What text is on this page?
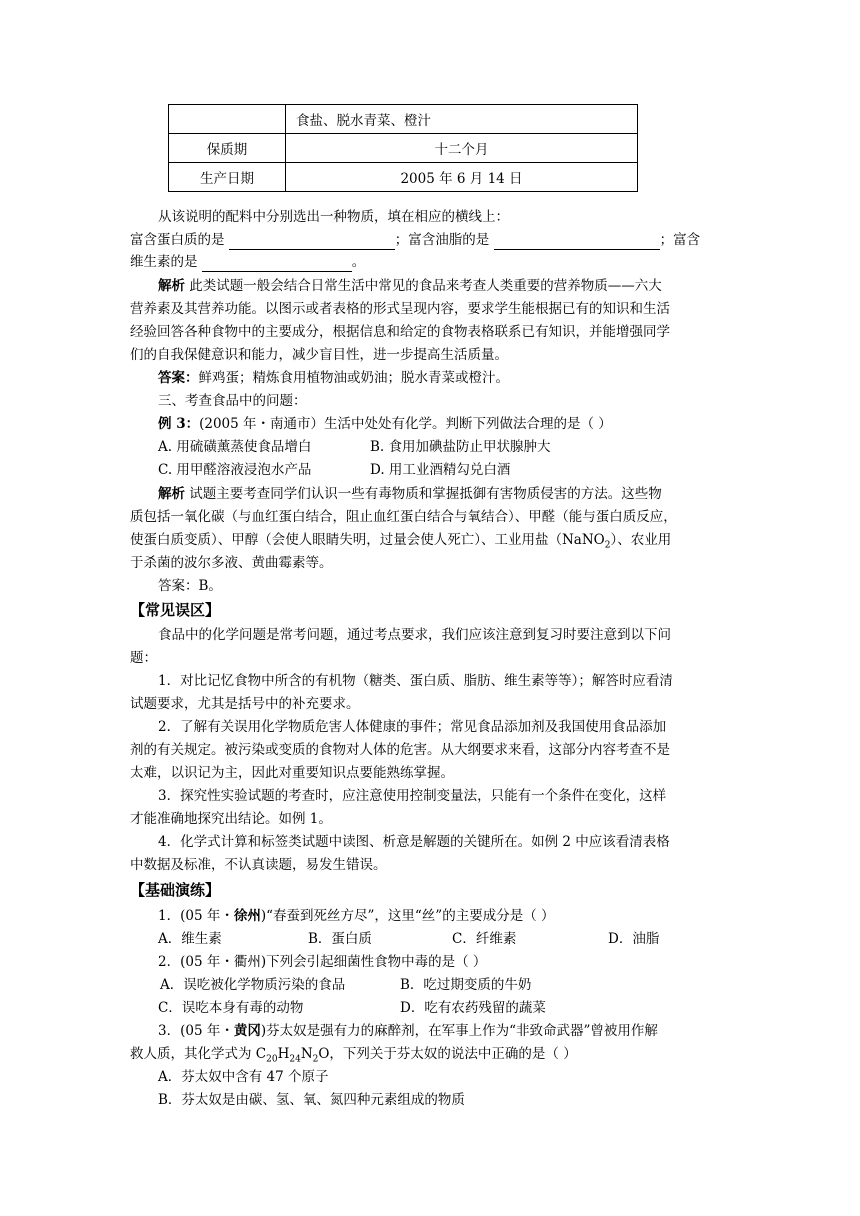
	食盐、脱水青菜、橙汁
保质期	十二个月
生产日期	2005 年 6 月 14 日
从该说明的配料中分别选出一种物质，填在相应的横线上：
富含蛋白质的是	；富含油脂的是	；富含
维生素的是	。
解析 此类试题一般会结合日常生活中常见的食品来考查人类重要的营养物质——六大
营养素及其营养功能。以图示或者表格的形式呈现内容，要求学生能根据已有的知识和生活
经验回答各种食物中的主要成分，根据信息和给定的食物表格联系已有知识，并能增强同学
们的自我保健意识和能力，减少盲目性，进一步提高生活质量。
答案：鲜鸡蛋；精炼食用植物油或奶油；脱水青菜或橙汁。
三、考查食品中的问题：
例 3：(2005 年・南通市）生活中处处有化学。判断下列做法合理的是（ ）
A. 用硫磺薰蒸使食品增白	B. 食用加碘盐防止甲状腺肿大
C. 用甲醛溶液浸泡水产品	D. 用工业酒精勾兑白酒
解析 试题主要考查同学们认识一些有毒物质和掌握抵御有害物质侵害的方法。这些物
质包括一氧化碳（与血红蛋白结合，阻止血红蛋白结合与氧结合）、甲醛（能与蛋白质反应，
使蛋白质变质）、甲醇（会使人眼睛失明，过量会使人死亡）、工业用盐（NaNO$_2$）、农业用
于杀菌的波尔多液、黄曲霉素等。
答案：B。
【常见误区】
食品中的化学问题是常考问题，通过考点要求，我们应该注意到复习时要注意到以下问
题：
1．对比记忆食物中所含的有机物（糖类、蛋白质、脂肪、维生素等等）；解答时应看清
试题要求，尤其是括号中的补充要求。
2．了解有关误用化学物质危害人体健康的事件；常见食品添加剂及我国使用食品添加
剂的有关规定。被污染或变质的食物对人体的危害。从大纲要求来看，这部分内容考查不是
太难，以识记为主，因此对重要知识点要能熟练掌握。
3．探究性实验试题的考查时，应注意使用控制变量法，只能有一个条件在变化，这样
才能准确地探究出结论。如例 1。
4．化学式计算和标签类试题中读图、析意是解题的关键所在。如例 2 中应该看清表格
中数据及标准，不认真读题，易发生错误。
【基础演练】
1．(05 年・徐州)“春蚕到死丝方尽”，这里“丝”的主要成分是（ ）
A．维生素	B．蛋白质	C．纤维素	D．油脂
2．(05 年・衢州)下列会引起细菌性食物中毒的是（ ）
A．误吃被化学物质污染的食品	B．吃过期变质的牛奶
C．误吃本身有毒的动物	D．吃有农药残留的蔬菜
3．(05 年・黄冈)芬太奴是强有力的麻醉剂，在军事上作为“非致命武器”曾被用作解
救人质，其化学式为 $C_{20}H_{24}N_2O$，下列关于芬太奴的说法中正确的是（ ）
A．芬太奴中含有 47 个原子
B．芬太奴是由碳、氢、氧、氮四种元素组成的物质
